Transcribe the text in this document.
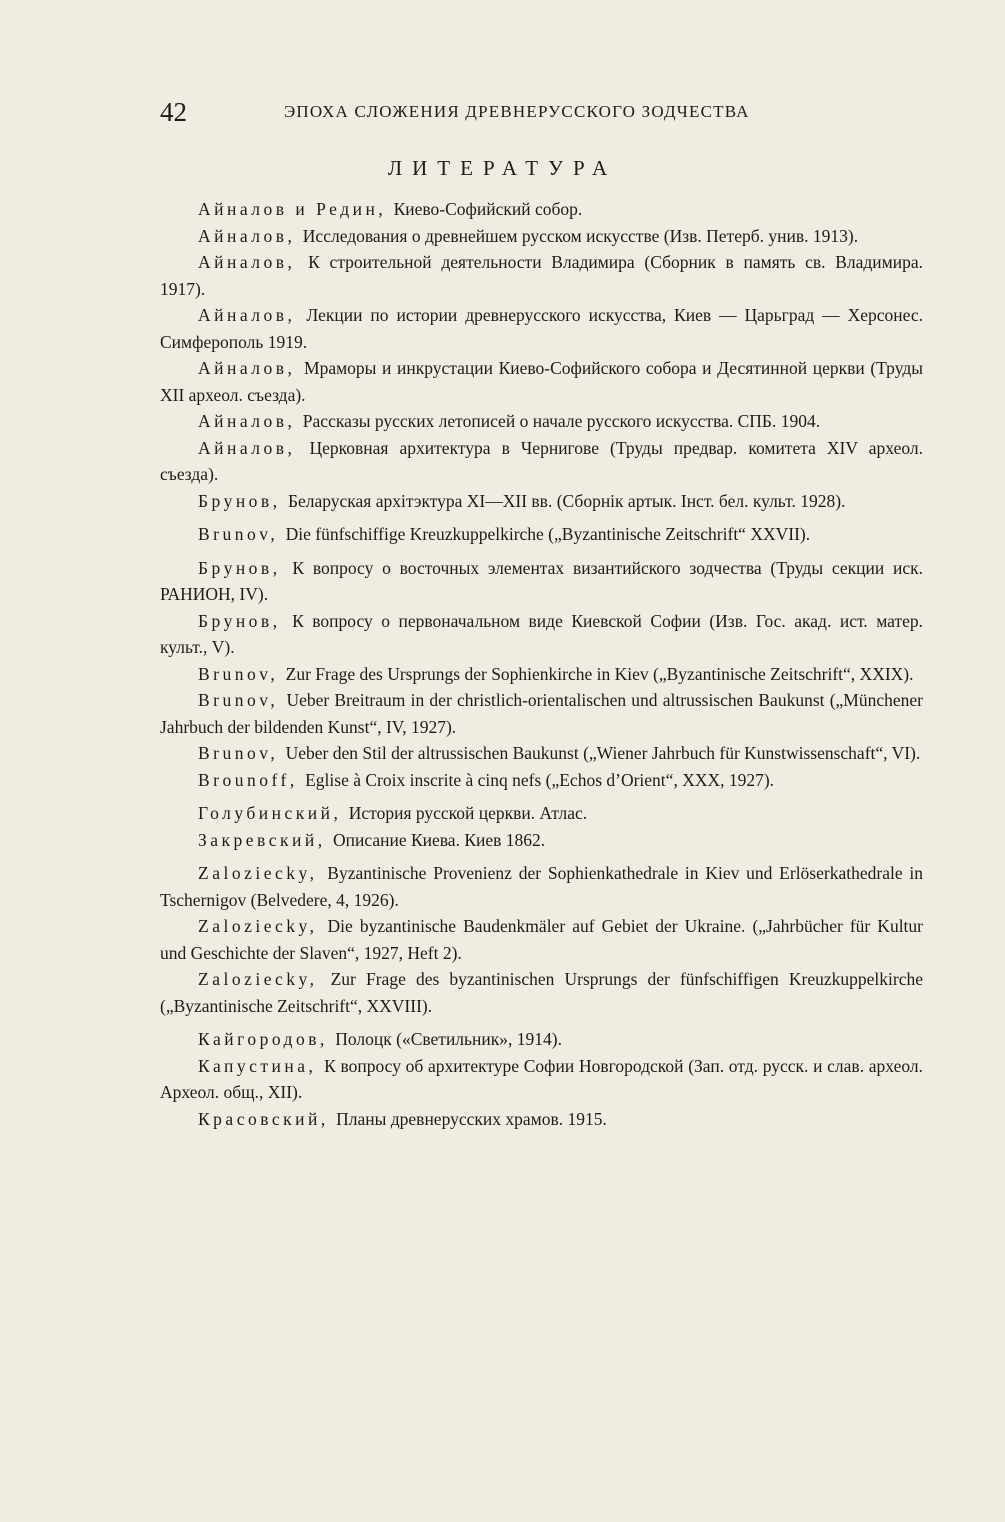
42	ЭПОХА СЛОЖЕНИЯ ДРЕВНЕРУССКОГО ЗОДЧЕСТВА
ЛИТЕРАТУРА

Айналов и Редин, Киево-Софийский собор.

Айналов, Исследования о древнейшем русском искусстве (Изв. Петерб. унив. 1913).

Айналов, К строительной деятельности Владимира (Сборник в память св. Владимира. 1917).

Айналов, Лекции по истории древнерусского искусства, Киев — Царьград — Херсонес. Симферополь 1919.

Айналов, Мраморы и инкрустации Киево-Софийского собора и Десятинной церкви (Труды XII археол. съезда).

Айналов, Рассказы русских летописей о начале русского искусства. СПБ. 1904.

Айналов, Церковная архитектура в Чернигове (Труды предвар. комитета XIV археол. съезда).

Брунов, Беларуская архітэктура XI—XII вв. (Сборнік артык. Інст. бел. культ. 1928).

Brunov, Die fünfschiffige Kreuzkuppelkirche („Byzantinische Zeitschrift“ XXVII).

Брунов, К вопросу о восточных элементах византийского зодчества (Труды секции иск. РАНИОН, IV).

Брунов, К вопросу о первоначальном виде Киевской Софии (Изв. Гос. акад. ист. матер. культ., V).

Brunov, Zur Frage des Ursprungs der Sophienkirche in Kiev („Byzantinische Zeitschrift“, XXIX).

Brunov, Ueber Breitraum in der christlich-orientalischen und altrussischen Baukunst („Münchener Jahrbuch der bildenden Kunst“, IV, 1927).

Brunov, Ueber den Stil der altrussischen Baukunst („Wiener Jahrbuch für Kunstwissenschaft“, VI).

Brounoff, Eglise à Croix inscrite à cinq nefs („Echos d’Orient“, XXX, 1927).

Голубинский, История русской церкви. Атлас.

Закревский, Описание Киева. Киев 1862.

Zaloziecky, Byzantinische Provenienz der Sophienkathedrale in Kiev und Erlöserkathedrale in Tschernigov (Belvedere, 4, 1926).

Zaloziecky, Die byzantinische Baudenkmäler auf Gebiet der Ukraine. („Jahrbücher für Kultur und Geschichte der Slaven“, 1927, Heft 2).

Zaloziecky, Zur Frage des byzantinischen Ursprungs der fünfschiffigen Kreuzkuppelkirche („Byzantinische Zeitschrift“, XXVIII).

Кайгородов, Полоцк («Светильник», 1914).

Капустина, К вопросу об архитектуре Софии Новгородской (Зап. отд. русск. и слав. археол. Археол. общ., XII).

Красовский, Планы древнерусских храмов. 1915.
